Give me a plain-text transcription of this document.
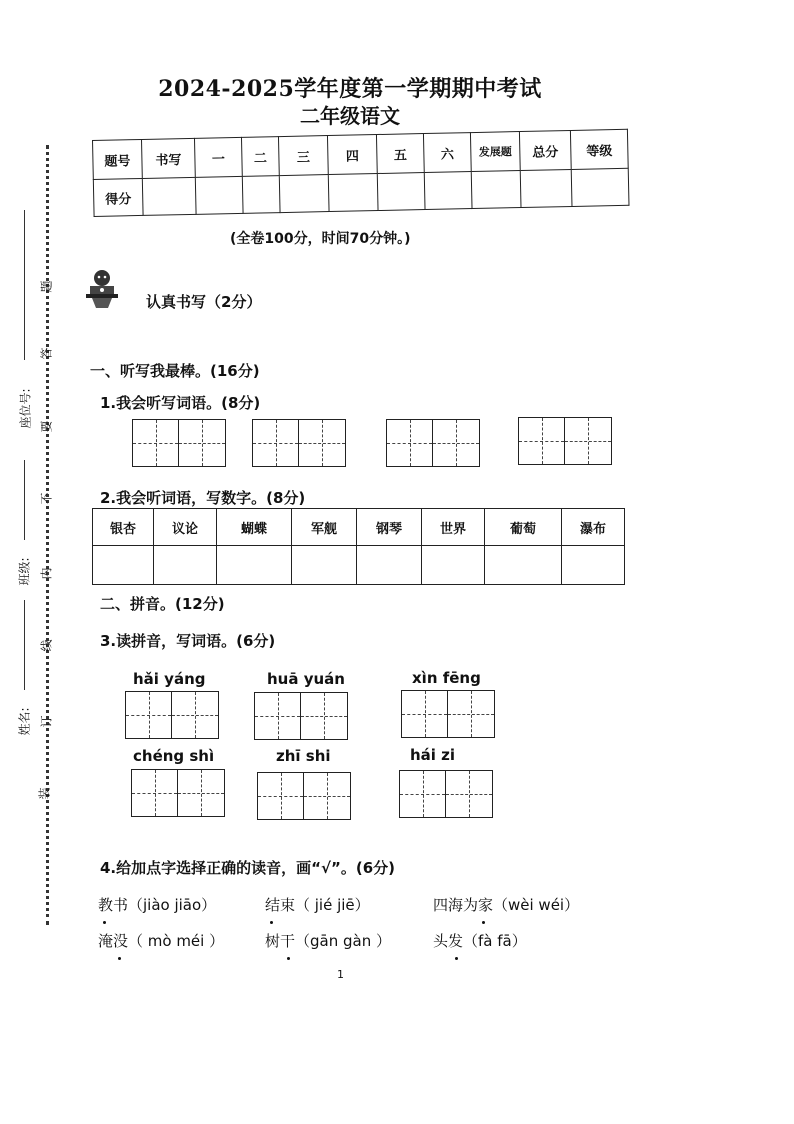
2024-2025学年度第一学期期中考试
二年级语文
题号	书写	一	二	三	四	五	六	发展题	总分	等级
得分										
(全卷100分，时间70分钟。)
认真书写（2分）
一、听写我最棒。(16分)
1.我会听写词语。(8分)
2.我会听词语，写数字。(8分)
银杏	议论	蝴蝶	军舰	钢琴	世界	葡萄	瀑布

二、拼音。(12分)
3.读拼音，写词语。(6分)
hǎi yáng	huā yuán	xìn fēng
chéng shì	zhī shi	hái zi
4.给加点字选择正确的读音，画“√”。(6分)
教书（jiào jiāo）	结束（ jié jiē）	四海为家（wèi wéi）
淹没（ mò méi ）	树干（gān gàn ）	头发（fà fā）
座位号:
班级:
姓名:
题
答
要
不
内
线
订
装
1
